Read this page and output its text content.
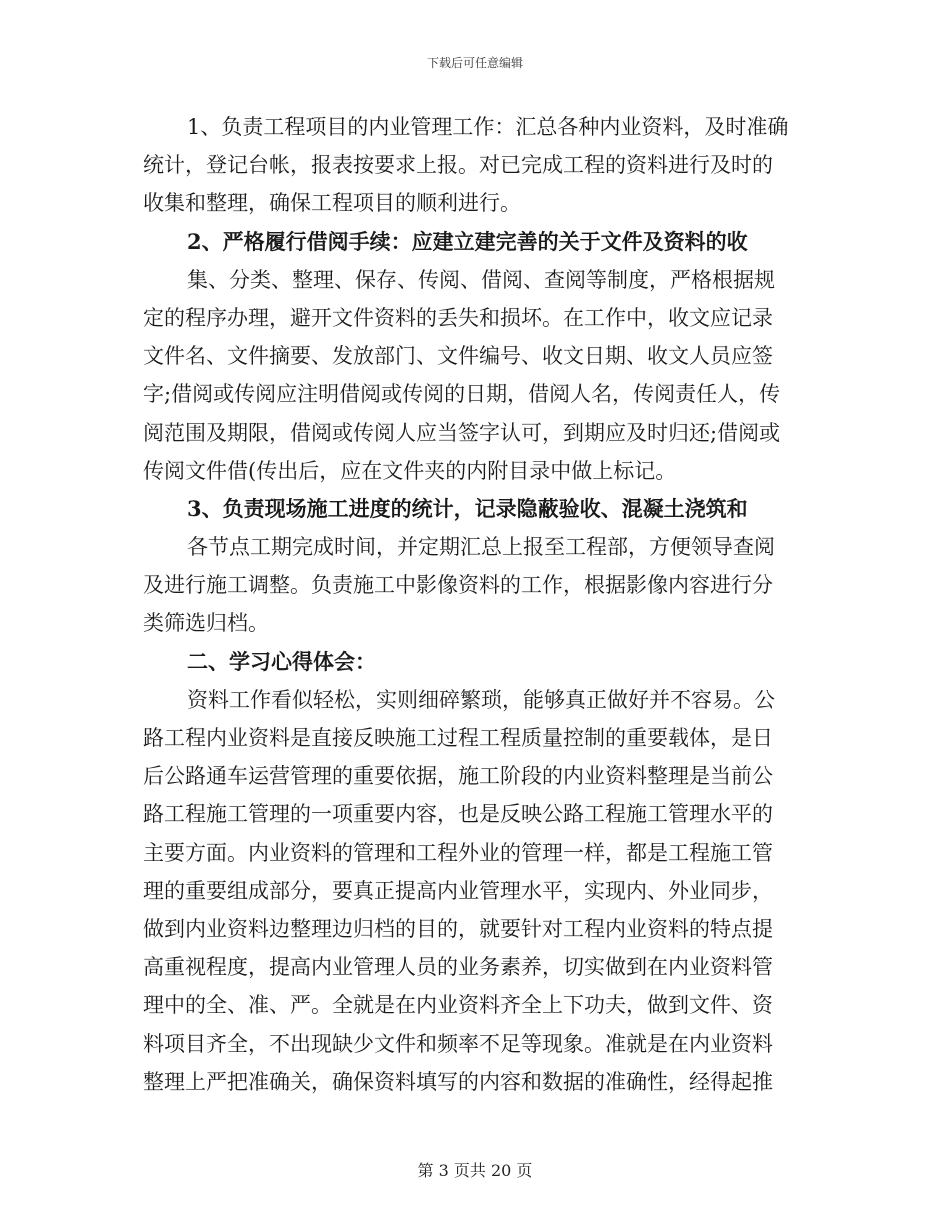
下载后可任意编辑
1、负责工程项目的内业管理工作：汇总各种内业资料，及时准确
统计，登记台帐，报表按要求上报。对已完成工程的资料进行及时的
收集和整理，确保工程项目的顺利进行。
2、严格履行借阅手续：应建立建完善的关于文件及资料的收
集、分类、整理、保存、传阅、借阅、查阅等制度，严格根据规
定的程序办理，避开文件资料的丢失和损坏。在工作中，收文应记录
文件名、文件摘要、发放部门、文件编号、收文日期、收文人员应签
字;借阅或传阅应注明借阅或传阅的日期，借阅人名，传阅责任人，传
阅范围及期限，借阅或传阅人应当签字认可，到期应及时归还;借阅或
传阅文件借(传出后，应在文件夹的内附目录中做上标记。
3、负责现场施工进度的统计，记录隐蔽验收、混凝土浇筑和
各节点工期完成时间，并定期汇总上报至工程部，方便领导查阅
及进行施工调整。负责施工中影像资料的工作，根据影像内容进行分
类筛选归档。
二、学习心得体会：
资料工作看似轻松，实则细碎繁琐，能够真正做好并不容易。公
路工程内业资料是直接反映施工过程工程质量控制的重要载体，是日
后公路通车运营管理的重要依据，施工阶段的内业资料整理是当前公
路工程施工管理的一项重要内容，也是反映公路工程施工管理水平的
主要方面。内业资料的管理和工程外业的管理一样，都是工程施工管
理的重要组成部分，要真正提高内业管理水平，实现内、外业同步，
做到内业资料边整理边归档的目的，就要针对工程内业资料的特点提
高重视程度，提高内业管理人员的业务素养，切实做到在内业资料管
理中的全、准、严。全就是在内业资料齐全上下功夫，做到文件、资
料项目齐全，不出现缺少文件和频率不足等现象。准就是在内业资料
整理上严把准确关，确保资料填写的内容和数据的准确性，经得起推
第 3 页共 20 页
